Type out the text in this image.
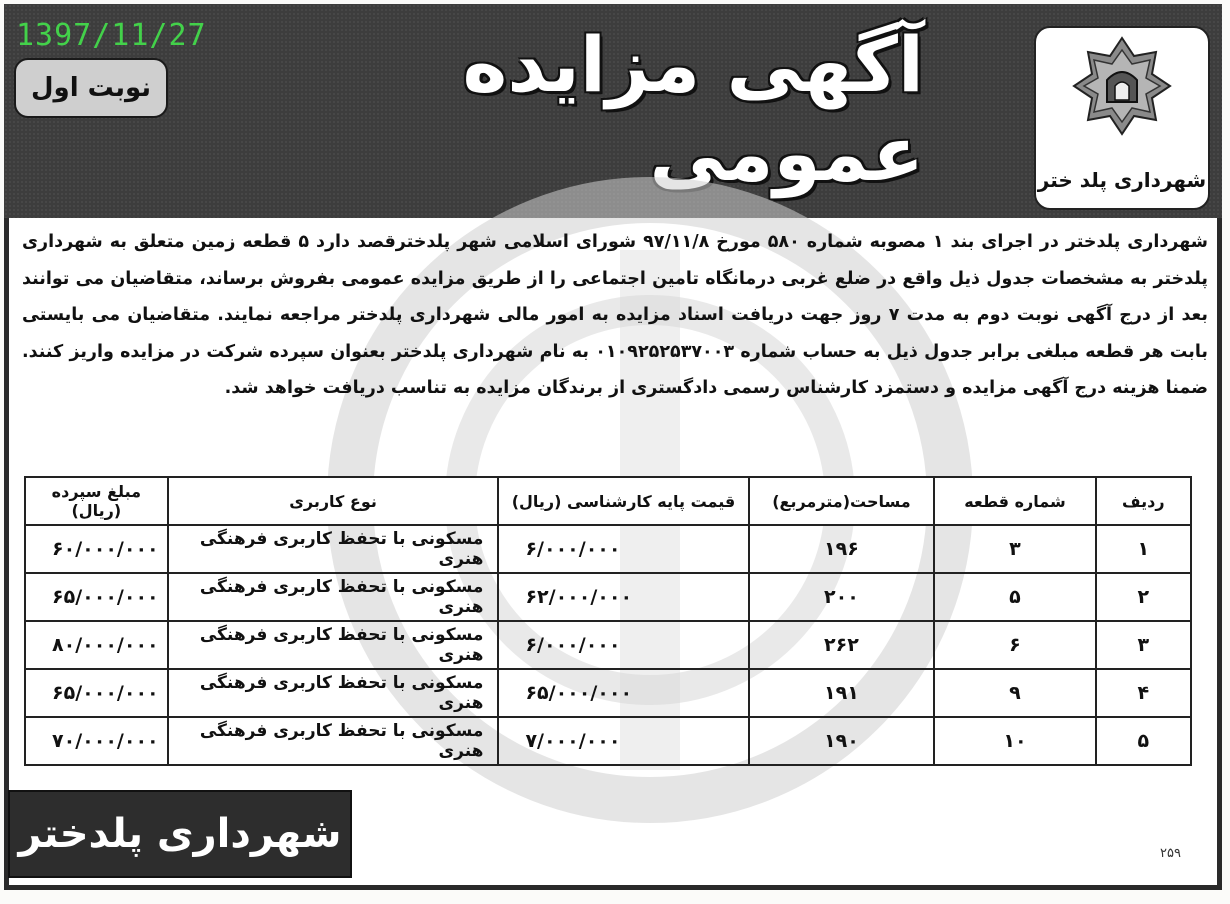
1397/11/27
نوبت اول	آگهی مزایده عمومی	شهرداری پلد ختر
شهرداری پلدختر در اجرای بند ۱ مصوبه شماره ۵۸۰ مورخ ۹۷/۱۱/۸ شورای اسلامی شهر پلدخترقصد دارد ۵ قطعه زمین متعلق به شهرداری پلدختر به مشخصات جدول ذیل واقع در ضلع غربی درمانگاه تامین اجتماعی را از طریق مزایده عمومی بفروش برساند، متقاضیان می توانند بعد از درج آگهی نوبت دوم به مدت ۷ روز جهت دریافت اسناد مزایده به امور مالی شهرداری پلدختر مراجعه نمایند. متقاضیان می بایستی بابت هر قطعه مبلغی برابر جدول ذیل به حساب شماره ۰۱۰۹۲۵۲۵۳۷۰۰۳ به نام شهرداری پلدختر بعنوان سپرده شرکت در مزایده واریز کنند. ضمنا هزینه درج آگهی مزایده و دستمزد کارشناس رسمی دادگستری از برندگان مزایده به تناسب دریافت خواهد شد.
ردیف	شماره قطعه	مساحت(مترمربع)	قیمت پایه کارشناسی (ریال)	نوع کاربری	مبلغ سپرده (ریال)
۱	۳	۱۹۶	۶/۰۰۰/۰۰۰	مسکونی با تحفظ کاربری فرهنگی هنری	۶۰/۰۰۰/۰۰۰
۲	۵	۲۰۰	۶۲/۰۰۰/۰۰۰	مسکونی با تحفظ کاربری فرهنگی هنری	۶۵/۰۰۰/۰۰۰
۳	۶	۲۶۲	۶/۰۰۰/۰۰۰	مسکونی با تحفظ کاربری فرهنگی هنری	۸۰/۰۰۰/۰۰۰
۴	۹	۱۹۱	۶۵/۰۰۰/۰۰۰	مسکونی با تحفظ کاربری فرهنگی هنری	۶۵/۰۰۰/۰۰۰
۵	۱۰	۱۹۰	۷/۰۰۰/۰۰۰	مسکونی با تحفظ کاربری فرهنگی هنری	۷۰/۰۰۰/۰۰۰
شهرداری پلدختر	۲۵۹
